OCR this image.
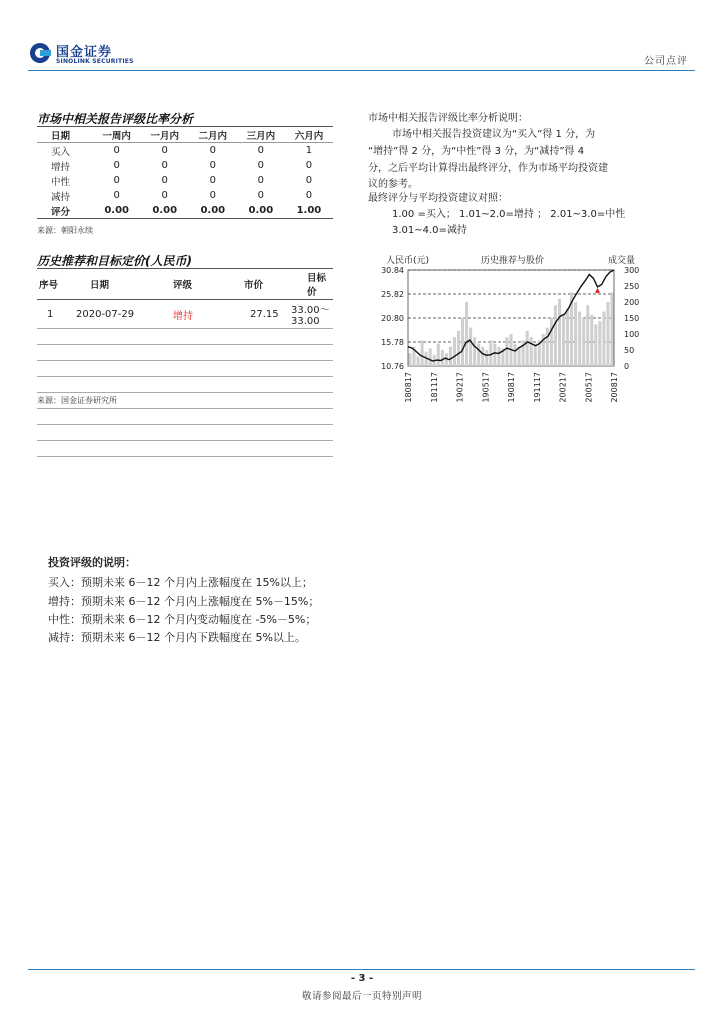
国金证券
SINOLINK SECURITIES	公司点评
市场中相关报告评级比率分析
日期	一周内	一月内	二月内	三月内	六月内
买入	0	0	0	0	1
增持	0	0	0	0	0
中性	0	0	0	0	0
减持	0	0	0	0	0
评分	0.00	0.00	0.00	0.00	1.00
来源：朝阳永续
历史推荐和目标定价(人民币)
序号	日期	评级	市价	目标价
1	2020-07-29	增持	27.15	33.00～33.00

来源：国金证券研究所
市场中相关报告评级比率分析说明：
市场中相关报告投资建议为“买入”得 1 分，为
“增持”得 2 分，为“中性”得 3 分，为“减持”得 4
分，之后平均计算得出最终评分，作为市场平均投资建
议的参考。
最终评分与平均投资建议对照：
1.00 =买入； 1.01~2.0=增持 ； 2.01~3.0=中性
3.01~4.0=减持
人民币(元)	历史推荐与股价	成交量
30.84
25.82
20.80
15.78
10.76
300
250
200
150
100
50
0
180817 181117 190217 190517 190817 191117 200217 200517 200817
投资评级的说明：
买入：预期未来 6－12 个月内上涨幅度在 15%以上；
增持：预期未来 6－12 个月内上涨幅度在 5%－15%；
中性：预期未来 6－12 个月内变动幅度在 -5%－5%；
减持：预期未来 6－12 个月内下跌幅度在 5%以上。
- 3 -
敬请参阅最后一页特别声明
